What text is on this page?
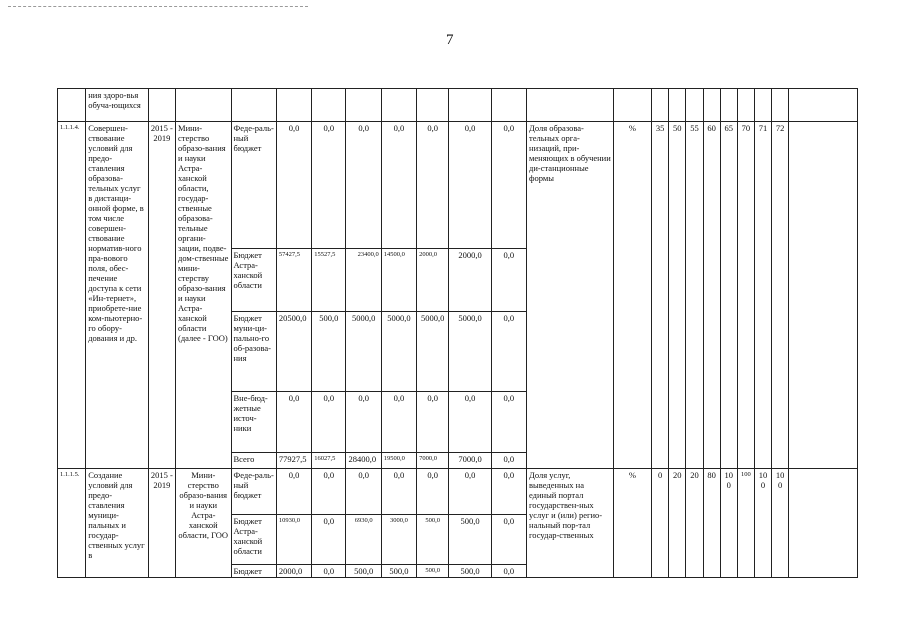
7
	ния здоро-вья обуча-ющихся																					
1.1.1.4.	Совершен-ствование условий для предо-ставления образова-тельных услуг в дистанци-онной форме, в том числе совершен-ствование норматив-ного пра-вового поля, обес-печение доступа к сети «Ин-тернет», приобрете-ние ком-пьютерно-го обору-дования и др.	2015 - 2019	Мини-стерство образо-вания и науки Астра-ханской области, государ-ственные образова-тельные органи-зации, подве-дом-ственные мини-стерству образо-вания и науки Астра-ханской области (далее - ГОО)	Феде-раль-ный бюджет	0,0	0,0	0,0	0,0	0,0	0,0	0,0	Доля образова-тельных орга-низаций, при-меняющих в обучении ди-станционные формы	%	35	50	55	60	65	70	71	72	
				Бюджет Астра-ханской области	57427,5	15527,5	23400,0	14500,0	2000,0	2000,0	0,0											
				Бюджет муни-ци-пально-го об-разова-ния	20500,0	500,0	5000,0	5000,0	5000,0	5000,0	0,0											
				Вне-бюд-жетные источ-ники	0,0	0,0	0,0	0,0	0,0	0,0	0,0											
				Всего	77927,5	16027,5	28400,0	19500,0	7000,0	7000,0	0,0											
1.1.1.5.	Создание условий для предо-ставления муници-пальных и государ-ственных услуг в	2015 - 2019	Мини-стерство образо-вания и науки Астра-ханской области, ГОО	Феде-раль-ный бюджет	0,0	0,0	0,0	0,0	0,0	0,0	0,0	Доля услуг, выведенных на единый портал государствен-ных услуг и (или) регио-нальный пор-тал государ-ственных	%	0	20	20	80	100	100	100	100	
				Бюджет Астра-ханской области	10930,0	0,0	6930,0	3000,0	500,0	500,0	0,0											
				Бюджет	2000,0	0,0	500,0	500,0	500,0	500,0	0,0											
